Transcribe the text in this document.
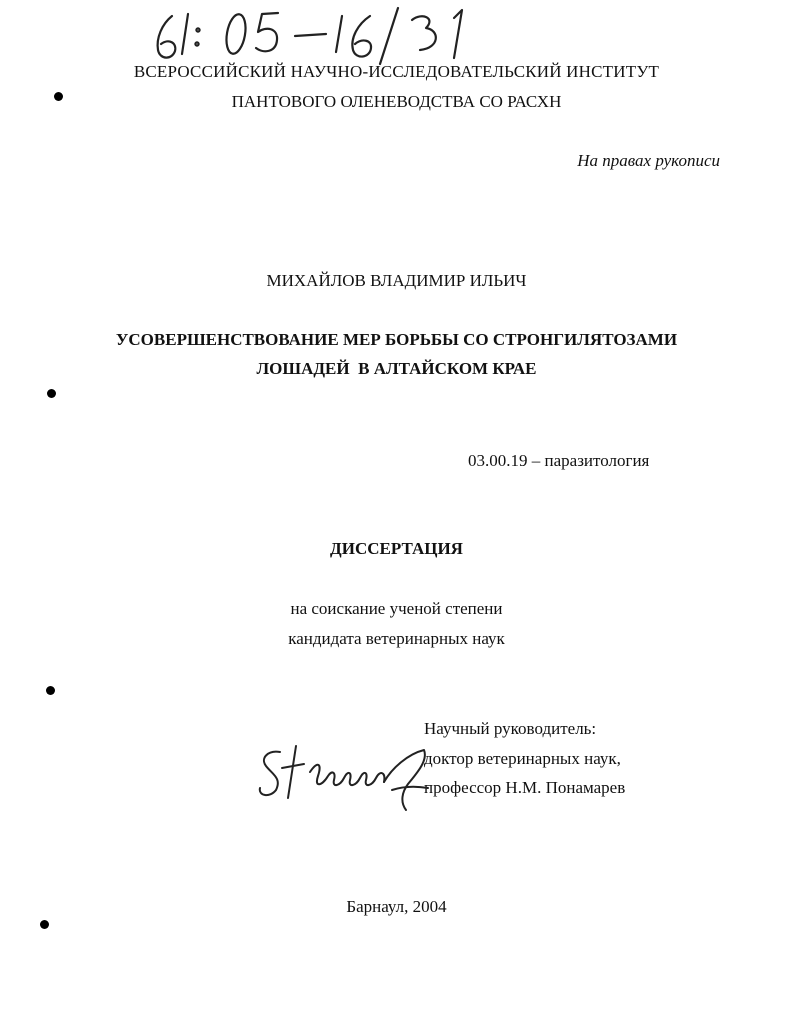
ВСЕРОССИЙСКИЙ НАУЧНО-ИССЛЕДОВАТЕЛЬСКИЙ ИНСТИТУТ
ПАНТОВОГО ОЛЕНЕВОДСТВА СО РАСХН
На правах рукописи
МИХАЙЛОВ ВЛАДИМИР ИЛЬИЧ
УСОВЕРШЕНСТВОВАНИЕ МЕР БОРЬБЫ СО СТРОНГИЛЯТОЗАМИ
ЛОШАДЕЙ  В АЛТАЙСКОМ КРАЕ
03.00.19 – паразитология
ДИССЕРТАЦИЯ
на соискание ученой степени
кандидата ветеринарных наук
Научный руководитель:
доктор ветеринарных наук,
профессор Н.М. Понамарев
Барнаул, 2004
